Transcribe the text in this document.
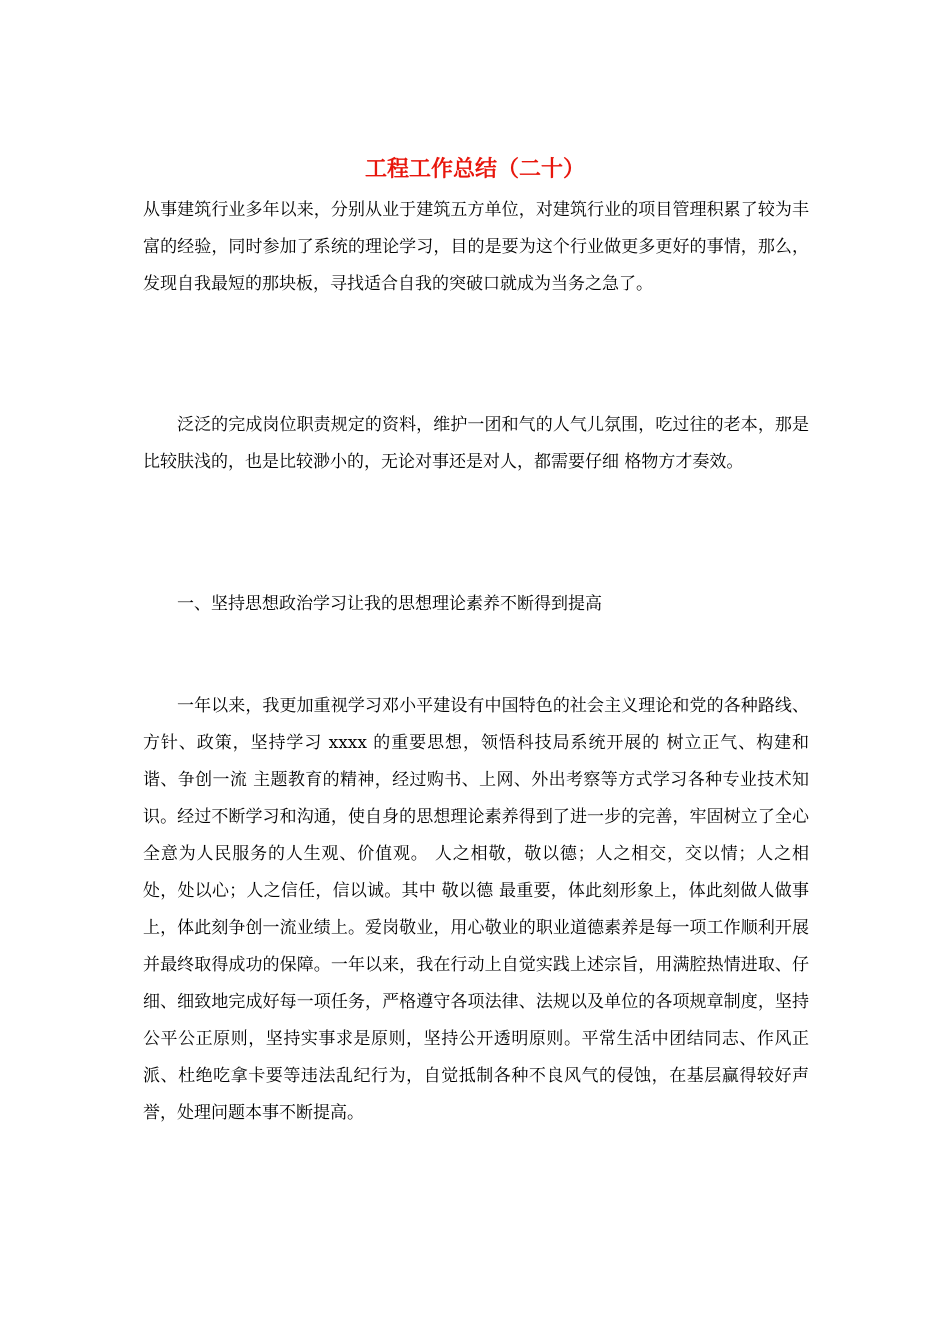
工程工作总结（二十）

从事建筑行业多年以来，分别从业于建筑五方单位，对建筑行业的项目管理积累了较为丰富的经验，同时参加了系统的理论学习，目的是要为这个行业做更多更好的事情，那么，发现自我最短的那块板，寻找适合自我的突破口就成为当务之急了。

泛泛的完成岗位职责规定的资料，维护一团和气的人气儿氛围，吃过往的老本，那是比较肤浅的，也是比较渺小的，无论对事还是对人，都需要仔细 格物方才奏效。

一、坚持思想政治学习让我的思想理论素养不断得到提高

一年以来，我更加重视学习邓小平建设有中国特色的社会主义理论和党的各种路线、方针、政策，坚持学习 xxxx 的重要思想，领悟科技局系统开展的 树立正气、构建和谐、争创一流 主题教育的精神，经过购书、上网、外出考察等方式学习各种专业技术知识。经过不断学习和沟通，使自身的思想理论素养得到了进一步的完善，牢固树立了全心全意为人民服务的人生观、价值观。 人之相敬，敬以德；人之相交，交以情；人之相处，处以心；人之信任，信以诚。其中 敬以德 最重要，体此刻形象上，体此刻做人做事上，体此刻争创一流业绩上。爱岗敬业，用心敬业的职业道德素养是每一项工作顺利开展并最终取得成功的保障。一年以来，我在行动上自觉实践上述宗旨，用满腔热情进取、仔细、细致地完成好每一项任务，严格遵守各项法律、法规以及单位的各项规章制度，坚持公平公正原则，坚持实事求是原则，坚持公开透明原则。平常生活中团结同志、作风正派、杜绝吃拿卡要等违法乱纪行为，自觉抵制各种不良风气的侵蚀，在基层赢得较好声誉，处理问题本事不断提高。
